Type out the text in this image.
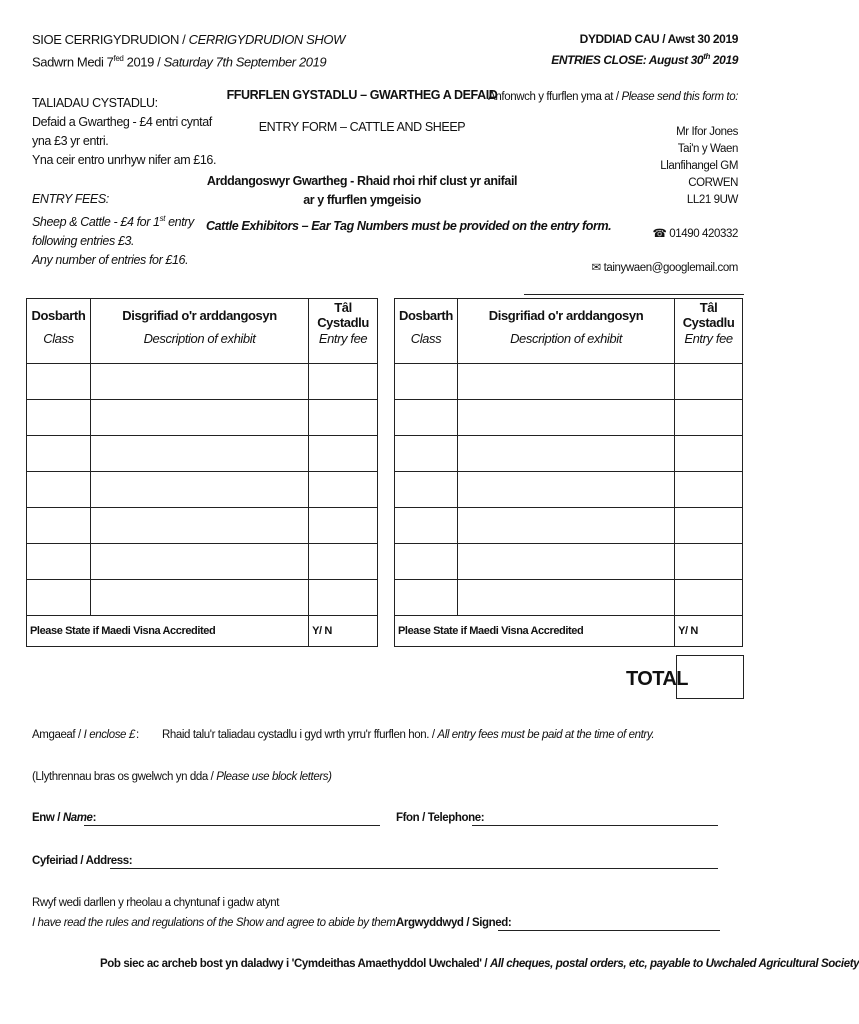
SIOE CERRIGYDRUDION / CERRIGYDRUDION SHOW
Sadwrn Medi $7^{fed}$ 2019 / Saturday 7th September 2019
DYDDIAD CAU / Awst 30 2019
ENTRIES CLOSE: August 30th 2019
TALIADAU CYSTADLU:
Defaid a Gwartheg - £4 entri cyntaf
yna £3 yr entri.
Yna ceir entro unrhyw nifer am £16.
ENTRY FEES:
Sheep & Cattle - £4 for 1st entry
following entries £3.
Any number of entries for £16.
FFURFLEN GYSTADLU – GWARTHEG A DEFAID
ENTRY FORM – CATTLE AND SHEEP
Arddangoswyr Gwartheg - Rhaid rhoi rhif clust yr anifail ar y ffurflen ymgeisio
Cattle Exhibitors – Ear Tag Numbers must be provided on the entry form.
Anfonwch y ffurflen yma at / Please send this form to:
Mr Ifor Jones
Tai'n y Waen
Llanfihangel GM
CORWEN
LL21 9UW
☎ 01490 420332
✉ tainywaen@googlemail.com
Dosbarth	Disgrifiad o'r arddangosyn	Tâl Cystadlu
Class	Description of exhibit	Entry fee

Please State if Maedi Visna Accredited		Y/ N
Dosbarth	Disgrifiad o'r arddangosyn	Tâl Cystadlu
Class	Description of exhibit	Entry fee

Please State if Maedi Visna Accredited		Y/ N
TOTAL
Amgaeaf / I enclose £ : Rhaid talu'r taliadau cystadlu i gyd wrth yrru'r ffurflen hon. / All entry fees must be paid at the time of entry.
(Llythrennau bras os gwelwch yn dda / Please use block letters)
Enw / Name:	Ffon / Telephone:
Cyfeiriad / Address:
Rwyf wedi darllen y rheolau a chyntunaf i gadw atynt
I have read the rules and regulations of the Show and agree to abide by them.
Argwyddwyd / Signed:
Pob siec ac archeb bost yn daladwy i 'Cymdeithas Amaethyddol Uwchaled' / All cheques, postal orders, etc, payable to Uwchaled Agricultural Society
